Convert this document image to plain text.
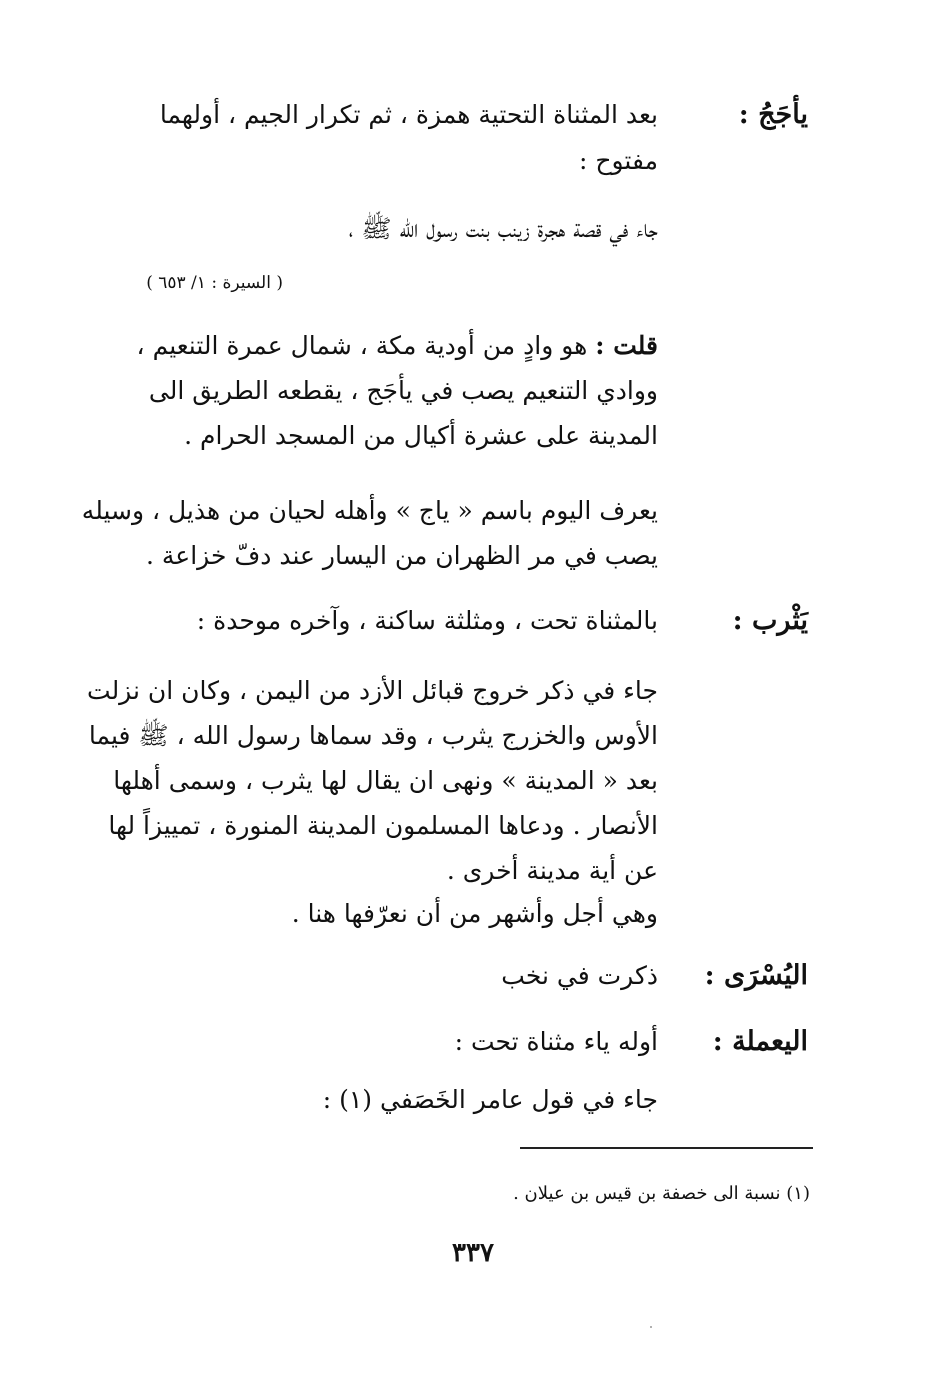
يأجَجُ :
بعد المثناة التحتية همزة ، ثم تكرار الجيم ، أولهما
مفتوح :
جاء في قصة هجرة زينب بنت رسول الله ﷺ ،
( السيرة : ١/ ٦٥٣ )
قلت : هو وادٍ من أودية مكة ، شمال عمرة التنعيم ،
ووادي التنعيم يصب في يأجَج ، يقطعه الطريق الى
المدينة على عشرة أكيال من المسجد الحرام .
يعرف اليوم باسم « ياج » وأهله لحيان من هذيل ، وسيله
يصب في مر الظهران من اليسار عند دفّ خزاعة .
يَثْرب :
بالمثناة تحت ، ومثلثة ساكنة ، وآخره موحدة :
جاء في ذكر خروج قبائل الأزد من اليمن ، وكان ان نزلت
الأوس والخزرج يثرب ، وقد سماها رسول الله ، ﷺ فيما
بعد « المدينة » ونهى ان يقال لها يثرب ، وسمى أهلها
الأنصار . ودعاها المسلمون المدينة المنورة ، تمييزاً لها
عن أية مدينة أخرى .
وهي أجل وأشهر من أن نعرّفها هنا .
اليُسْرَى :
ذكرت في نخب
اليعملة :
أوله ياء مثناة تحت :
جاء في قول عامر الخَصَفي (١) :
(١) نسبة الى خصفة بن قيس بن عيلان .
٣٣٧
